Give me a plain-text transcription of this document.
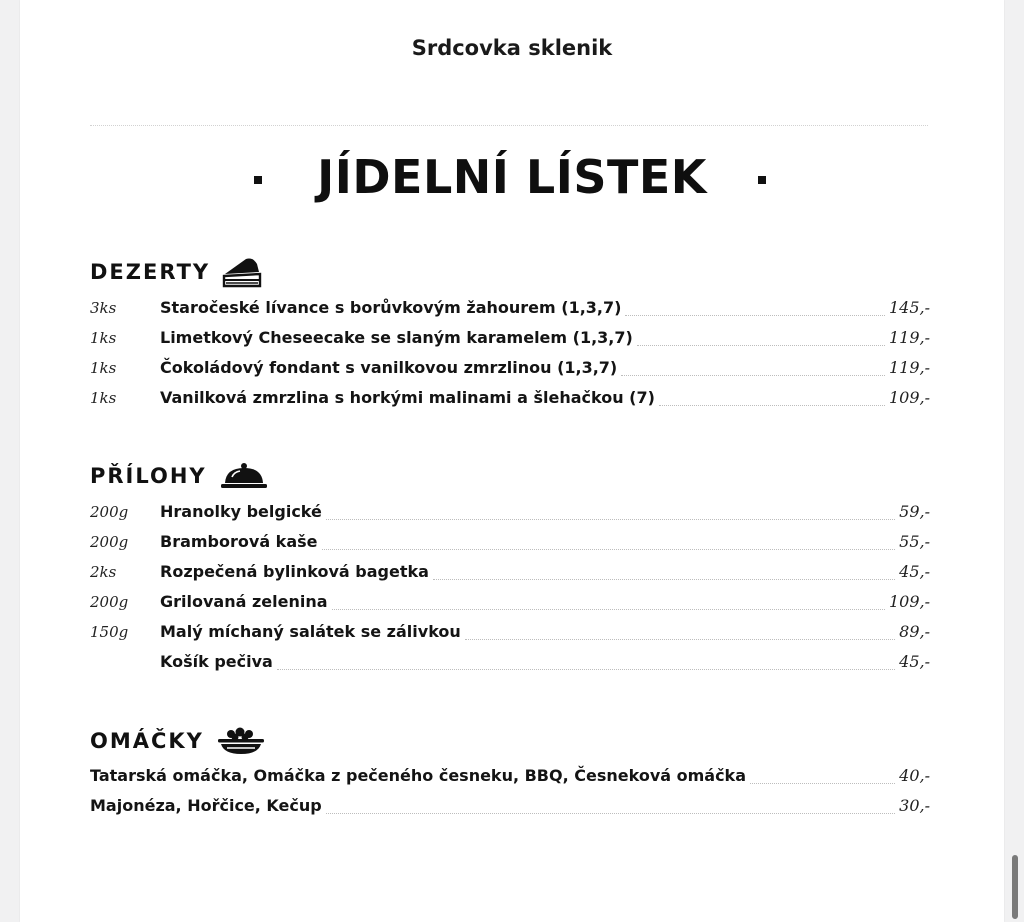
Srdcovka sklenik
JÍDELNÍ LÍSTEK
DEZERTY
3ks	Staročeské lívance s borůvkovým žahourem (1,3,7)	145,-
1ks	Limetkový Cheseecake se slaným karamelem (1,3,7)	119,-
1ks	Čokoládový fondant s vanilkovou zmrzlinou (1,3,7)	119,-
1ks	Vanilková zmrzlina s horkými malinami a šlehačkou (7)	109,-
PŘÍLOHY
200g	Hranolky belgické	59,-
200g	Bramborová kaše	55,-
2ks	Rozpečená bylinková bagetka	45,-
200g	Grilovaná zelenina	109,-
150g	Malý míchaný salátek se zálivkou	89,-
Košík pečiva	45,-
OMÁČKY
Tatarská omáčka, Omáčka z pečeného česneku, BBQ, Česneková omáčka	40,-
Majonéza, Hořčice, Kečup	30,-
